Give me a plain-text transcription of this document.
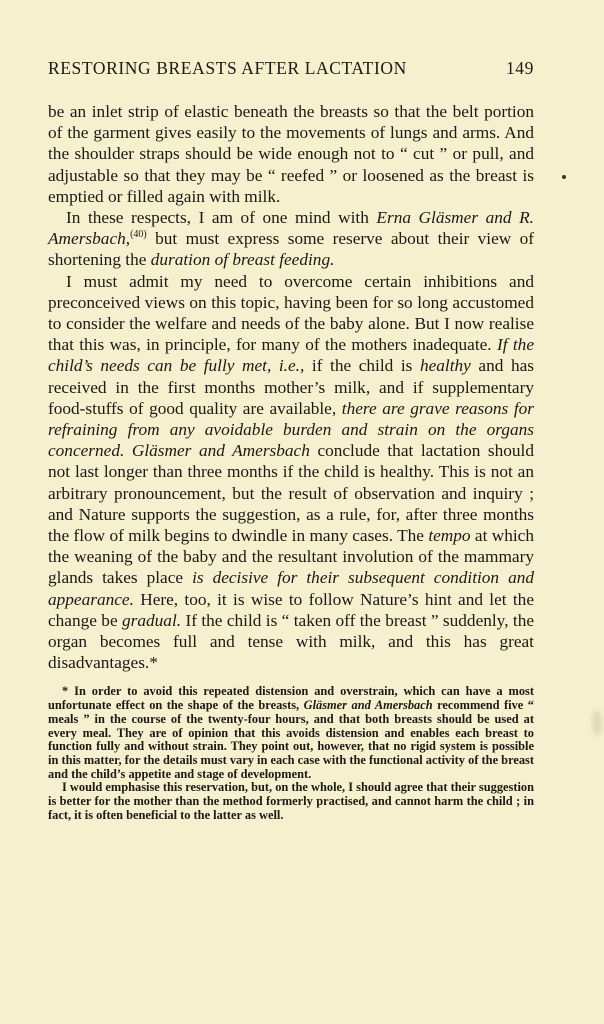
RESTORING BREASTS AFTER LACTATION	149

be an inlet strip of elastic beneath the breasts so that the belt portion of the garment gives easily to the movements of lungs and arms. And the shoulder straps should be wide enough not to “ cut ” or pull, and adjustable so that they may be “ reefed ” or loosened as the breast is emptied or filled again with milk.

In these respects, I am of one mind with Erna Gläsmer and R. Amersbach,$^{(40)}$ but must express some reserve about their view of shortening the duration of breast feeding.

I must admit my need to overcome certain inhibitions and preconceived views on this topic, having been for so long accustomed to consider the welfare and needs of the baby alone. But I now realise that this was, in principle, for many of the mothers inadequate. If the child’s needs can be fully met, i.e., if the child is healthy and has received in the first months mother’s milk, and if supplementary food-stuffs of good quality are available, there are grave reasons for refraining from any avoidable burden and strain on the organs concerned. Gläsmer and Amersbach conclude that lactation should not last longer than three months if the child is healthy. This is not an arbitrary pronouncement, but the result of observation and inquiry ; and Nature supports the suggestion, as a rule, for, after three months the flow of milk begins to dwindle in many cases. The tempo at which the weaning of the baby and the resultant involution of the mammary glands takes place is decisive for their subsequent condition and appearance. Here, too, it is wise to follow Nature’s hint and let the change be gradual. If the child is “ taken off the breast ” suddenly, the organ becomes full and tense with milk, and this has great disadvantages.*

* In order to avoid this repeated distension and overstrain, which can have a most unfortunate effect on the shape of the breasts, Gläsmer and Amersbach recommend five “ meals ” in the course of the twenty-four hours, and that both breasts should be used at every meal. They are of opinion that this avoids distension and enables each breast to function fully and without strain. They point out, however, that no rigid system is possible in this matter, for the details must vary in each case with the functional activity of the breast and the child’s appetite and stage of development.

I would emphasise this reservation, but, on the whole, I should agree that their suggestion is better for the mother than the method formerly practised, and cannot harm the child ; in fact, it is often beneficial to the latter as well.
